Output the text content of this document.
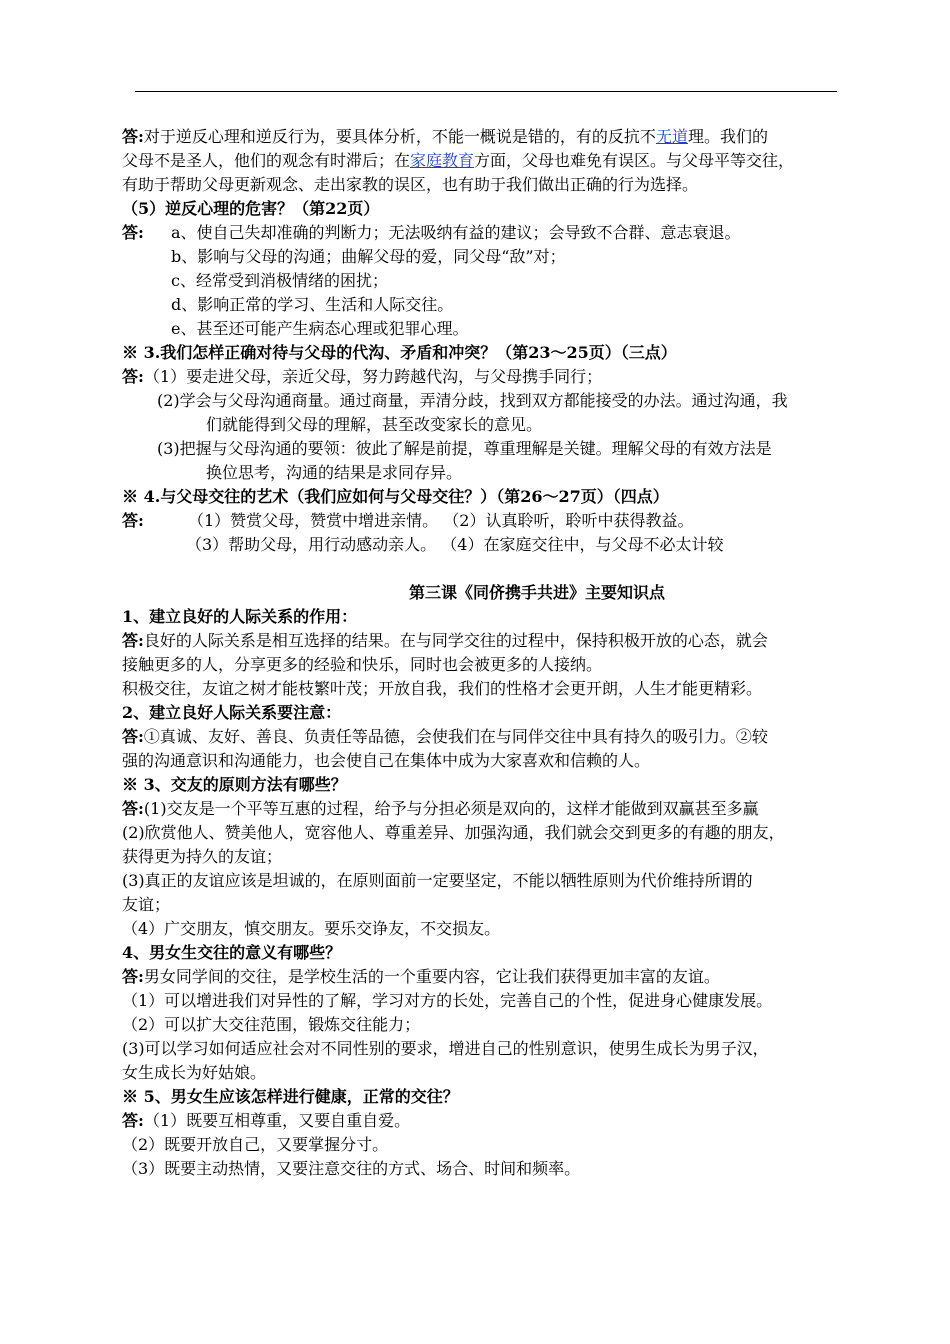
答:对于逆反心理和逆反行为，要具体分析，不能一概说是错的，有的反抗不无道理。我们的
父母不是圣人，他们的观念有时滞后；在家庭教育方面，父母也难免有误区。与父母平等交往，
有助于帮助父母更新观念、走出家教的误区，也有助于我们做出正确的行为选择。
（5）逆反心理的危害？（第22页）
答: a、使自己失却准确的判断力；无法吸纳有益的建议；会导致不合群、意志衰退。
b、影响与父母的沟通；曲解父母的爱，同父母“敌”对；
c、经常受到消极情绪的困扰；
d、影响正常的学习、生活和人际交往。
e、甚至还可能产生病态心理或犯罪心理。
※ 3.我们怎样正确对待与父母的代沟、矛盾和冲突？（第23～25页）（三点）
答:（1）要走进父母，亲近父母，努力跨越代沟，与父母携手同行；
(2)学会与父母沟通商量。通过商量，弄清分歧，找到双方都能接受的办法。通过沟通，我
们就能得到父母的理解，甚至改变家长的意见。
(3)把握与父母沟通的要领：彼此了解是前提，尊重理解是关键。理解父母的有效方法是
换位思考，沟通的结果是求同存异。
※ 4.与父母交往的艺术（我们应如何与父母交往？）（第26～27页）（四点）
答:	（1）赞赏父母，赞赏中增进亲情。 （2）认真聆听，聆听中获得教益。
（3）帮助父母，用行动感动亲人。 （4）在家庭交往中，与父母不必太计较
第三课《同侪携手共进》主要知识点
1、建立良好的人际关系的作用：
答:良好的人际关系是相互选择的结果。在与同学交往的过程中，保持积极开放的心态，就会
接触更多的人，分享更多的经验和快乐，同时也会被更多的人接纳。
积极交往，友谊之树才能枝繁叶茂；开放自我，我们的性格才会更开朗，人生才能更精彩。
2、建立良好人际关系要注意：
答:①真诚、友好、善良、负责任等品德，会使我们在与同伴交往中具有持久的吸引力。②较
强的沟通意识和沟通能力，也会使自己在集体中成为大家喜欢和信赖的人。
※ 3、交友的原则方法有哪些？
答:(1)交友是一个平等互惠的过程，给予与分担必须是双向的，这样才能做到双赢甚至多赢
(2)欣赏他人、赞美他人，宽容他人、尊重差异、加强沟通，我们就会交到更多的有趣的朋友，
获得更为持久的友谊；
(3)真正的友谊应该是坦诚的，在原则面前一定要坚定，不能以牺牲原则为代价维持所谓的
友谊；
（4）广交朋友，慎交朋友。要乐交诤友，不交损友。
4、男女生交往的意义有哪些？
答:男女同学间的交往，是学校生活的一个重要内容，它让我们获得更加丰富的友谊。
（1）可以增进我们对异性的了解，学习对方的长处，完善自己的个性，促进身心健康发展。
（2）可以扩大交往范围，锻炼交往能力；
(3)可以学习如何适应社会对不同性别的要求，增进自己的性别意识，使男生成长为男子汉，
女生成长为好姑娘。
※ 5、男女生应该怎样进行健康，正常的交往？
答:（1）既要互相尊重，又要自重自爱。
（2）既要开放自己，又要掌握分寸。
（3）既要主动热情，又要注意交往的方式、场合、时间和频率。
